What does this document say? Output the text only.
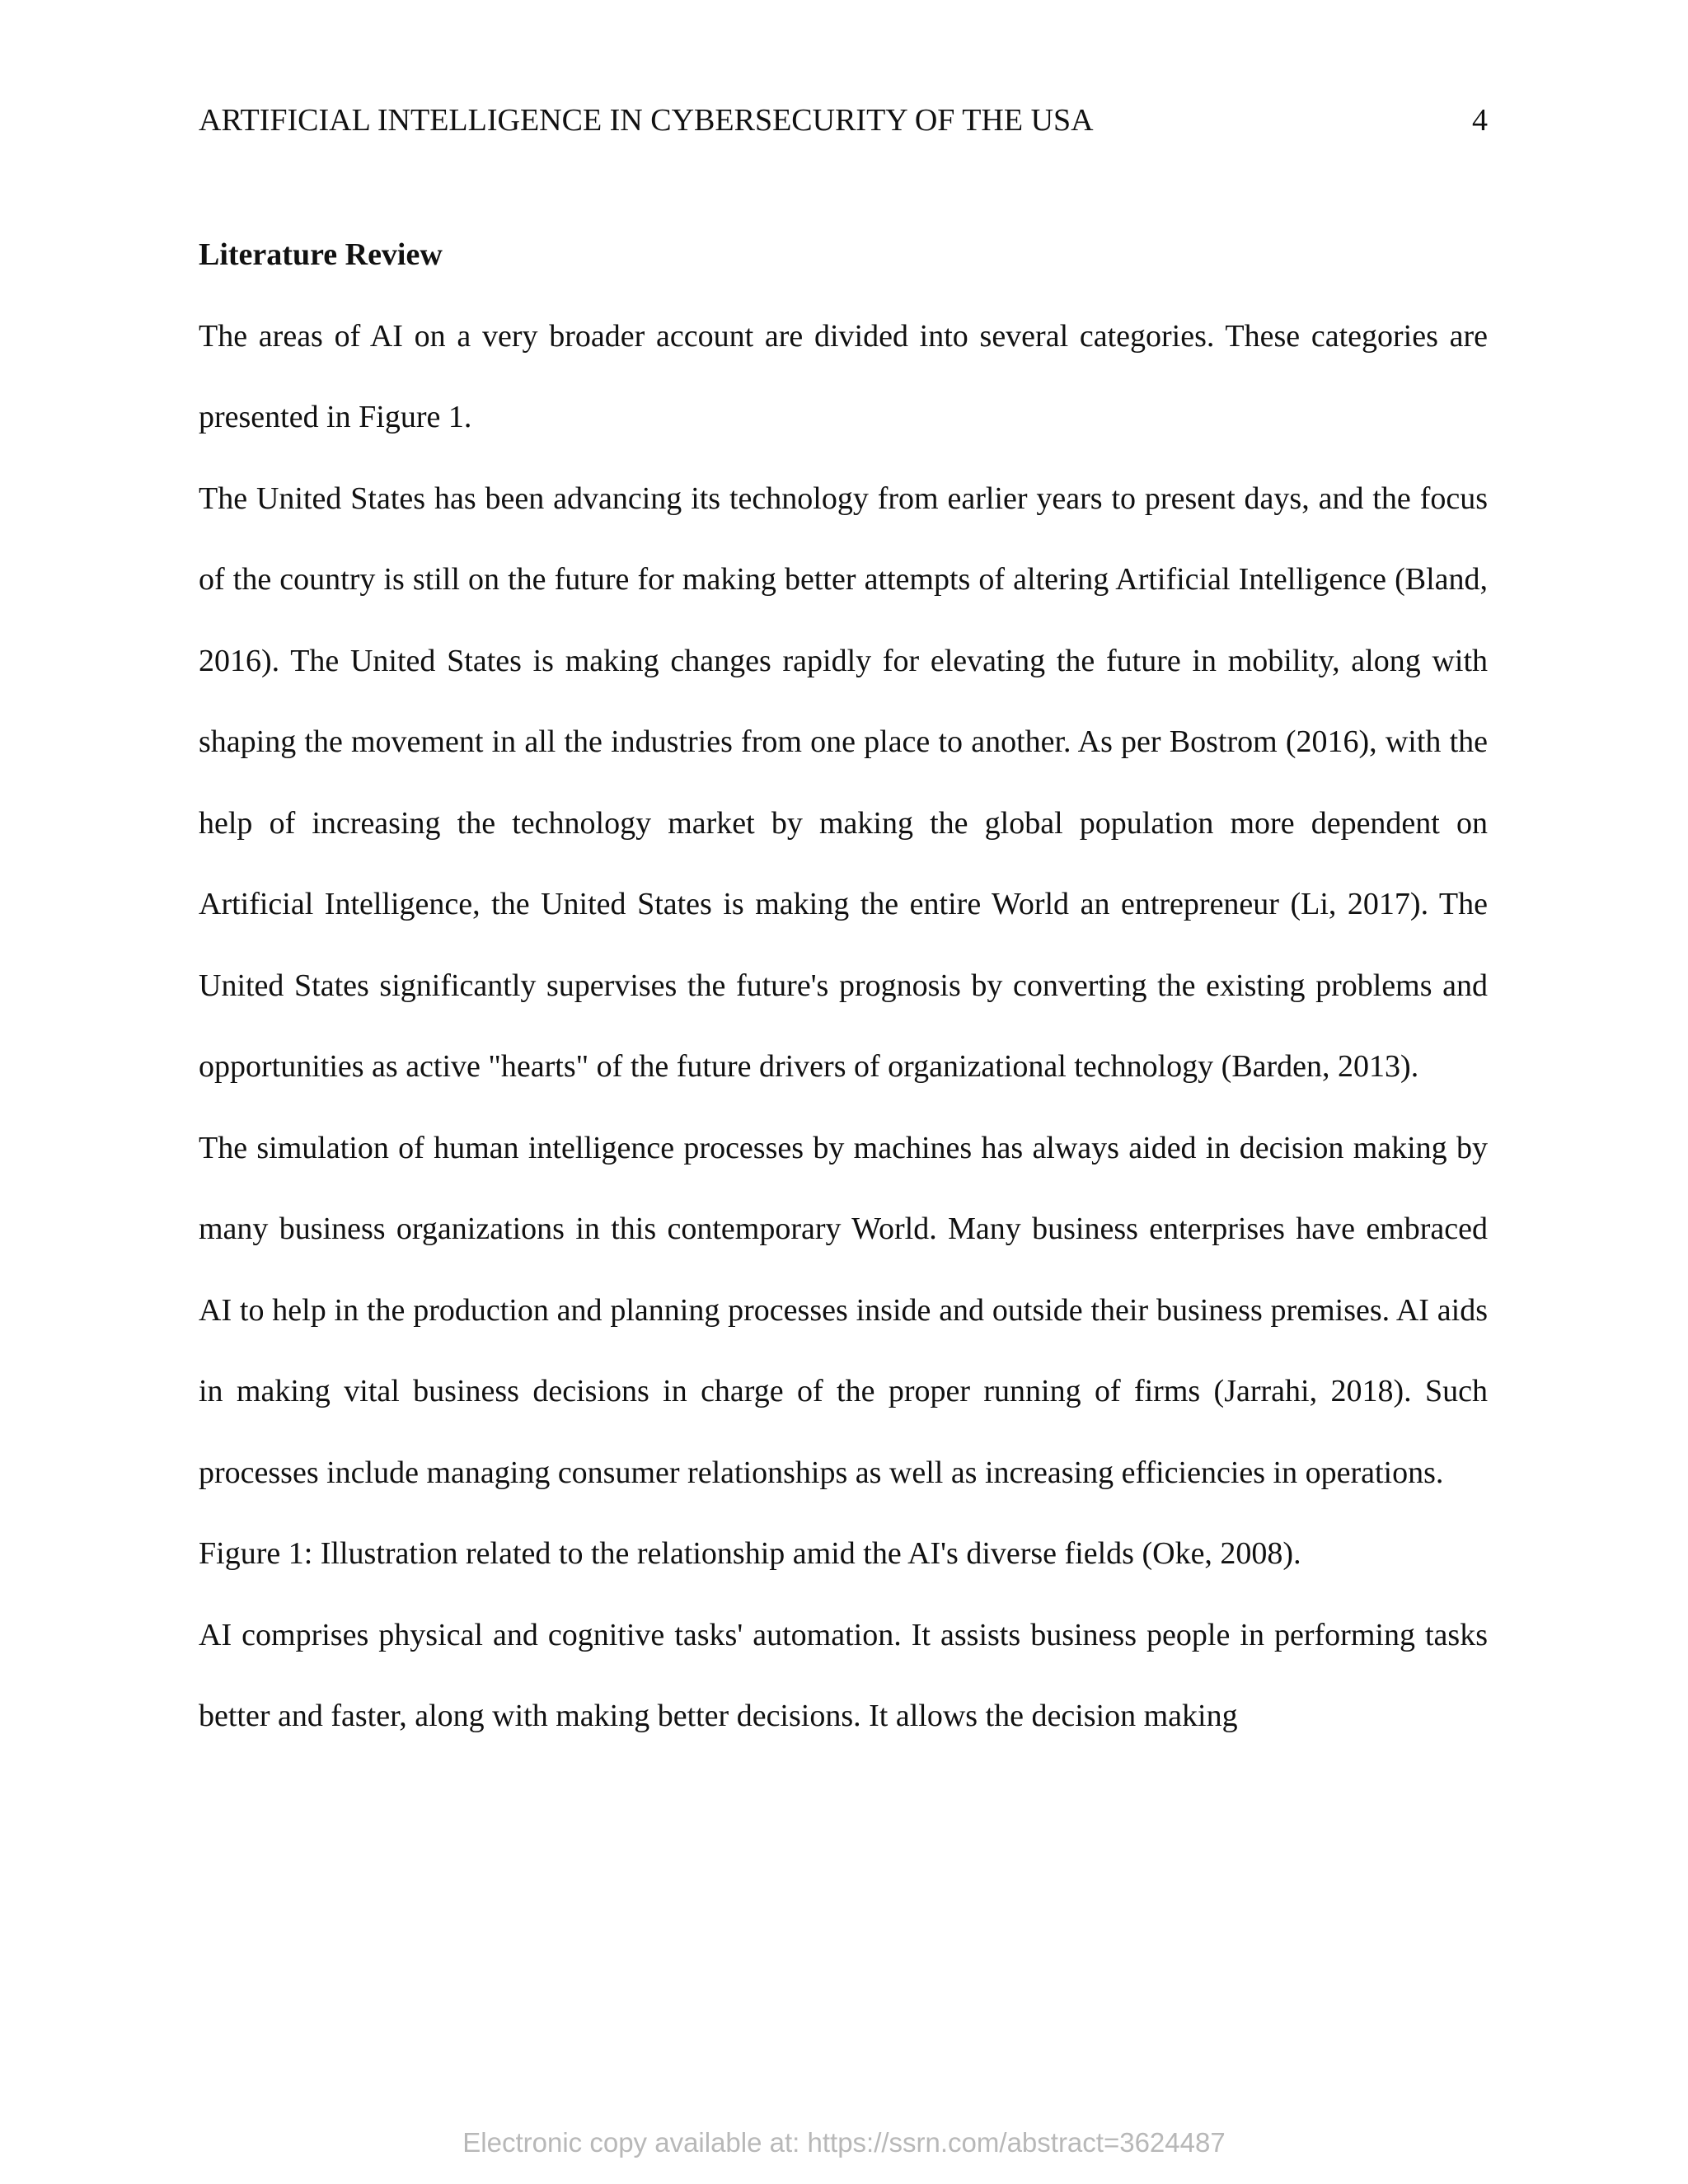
ARTIFICIAL INTELLIGENCE IN CYBERSECURITY OF THE USA	4
Literature Review

The areas of AI on a very broader account are divided into several categories. These categories are presented in Figure 1.

The United States has been advancing its technology from earlier years to present days, and the focus of the country is still on the future for making better attempts of altering Artificial Intelligence (Bland, 2016). The United States is making changes rapidly for elevating the future in mobility, along with shaping the movement in all the industries from one place to another. As per Bostrom (2016), with the help of increasing the technology market by making the global population more dependent on Artificial Intelligence, the United States is making the entire World an entrepreneur (Li, 2017). The United States significantly supervises the future's prognosis by converting the existing problems and opportunities as active "hearts" of the future drivers of organizational technology (Barden, 2013).

The simulation of human intelligence processes by machines has always aided in decision making by many business organizations in this contemporary World. Many business enterprises have embraced AI to help in the production and planning processes inside and outside their business premises. AI aids in making vital business decisions in charge of the proper running of firms (Jarrahi, 2018). Such processes include managing consumer relationships as well as increasing efficiencies in operations.

Figure 1: Illustration related to the relationship amid the AI's diverse fields (Oke, 2008).

AI comprises physical and cognitive tasks' automation. It assists business people in performing tasks better and faster, along with making better decisions. It allows the decision making

Electronic copy available at: https://ssrn.com/abstract=3624487
